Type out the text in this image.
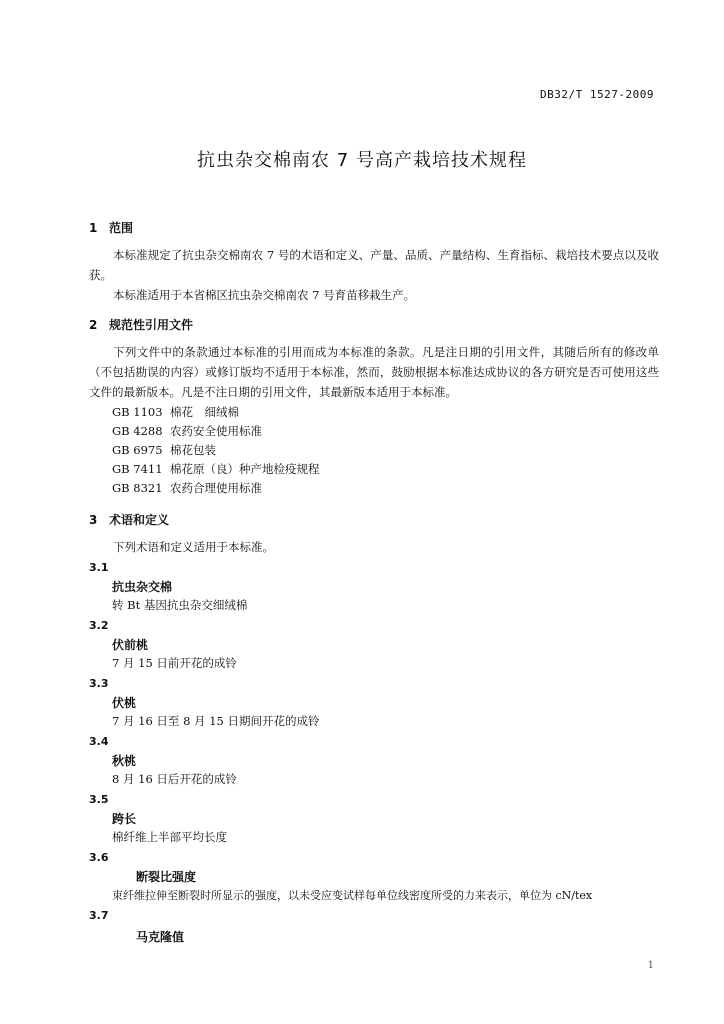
DB32/T 1527-2009
抗虫杂交棉南农 7 号高产栽培技术规程
1 范围
本标准规定了抗虫杂交棉南农 7 号的术语和定义、产量、品质、产量结构、生育指标、栽培技术要点以及收获。
本标准适用于本省棉区抗虫杂交棉南农 7 号育苗移栽生产。
2 规范性引用文件
下列文件中的条款通过本标准的引用而成为本标准的条款。凡是注日期的引用文件，其随后所有的修改单（不包括勘误的内容）或修订版均不适用于本标准，然而，鼓励根据本标准达成协议的各方研究是否可使用这些文件的最新版本。凡是不注日期的引用文件，其最新版本适用于本标准。
GB 1103 棉花　细绒棉
GB 4288 农药安全使用标准
GB 6975 棉花包装
GB 7411 棉花原（良）种产地检疫规程
GB 8321 农药合理使用标准
3 术语和定义
下列术语和定义适用于本标准。
3.1
抗虫杂交棉
转 Bt 基因抗虫杂交细绒棉
3.2
伏前桃
7 月 15 日前开花的成铃
3.3
伏桃
7 月 16 日至 8 月 15 日期间开花的成铃
3.4
秋桃
8 月 16 日后开花的成铃
3.5
跨长
棉纤维上半部平均长度
3.6
断裂比强度
束纤维拉伸至断裂时所显示的强度，以未受应变试样每单位线密度所受的力来表示，单位为 cN/tex
3.7
马克隆值
1
